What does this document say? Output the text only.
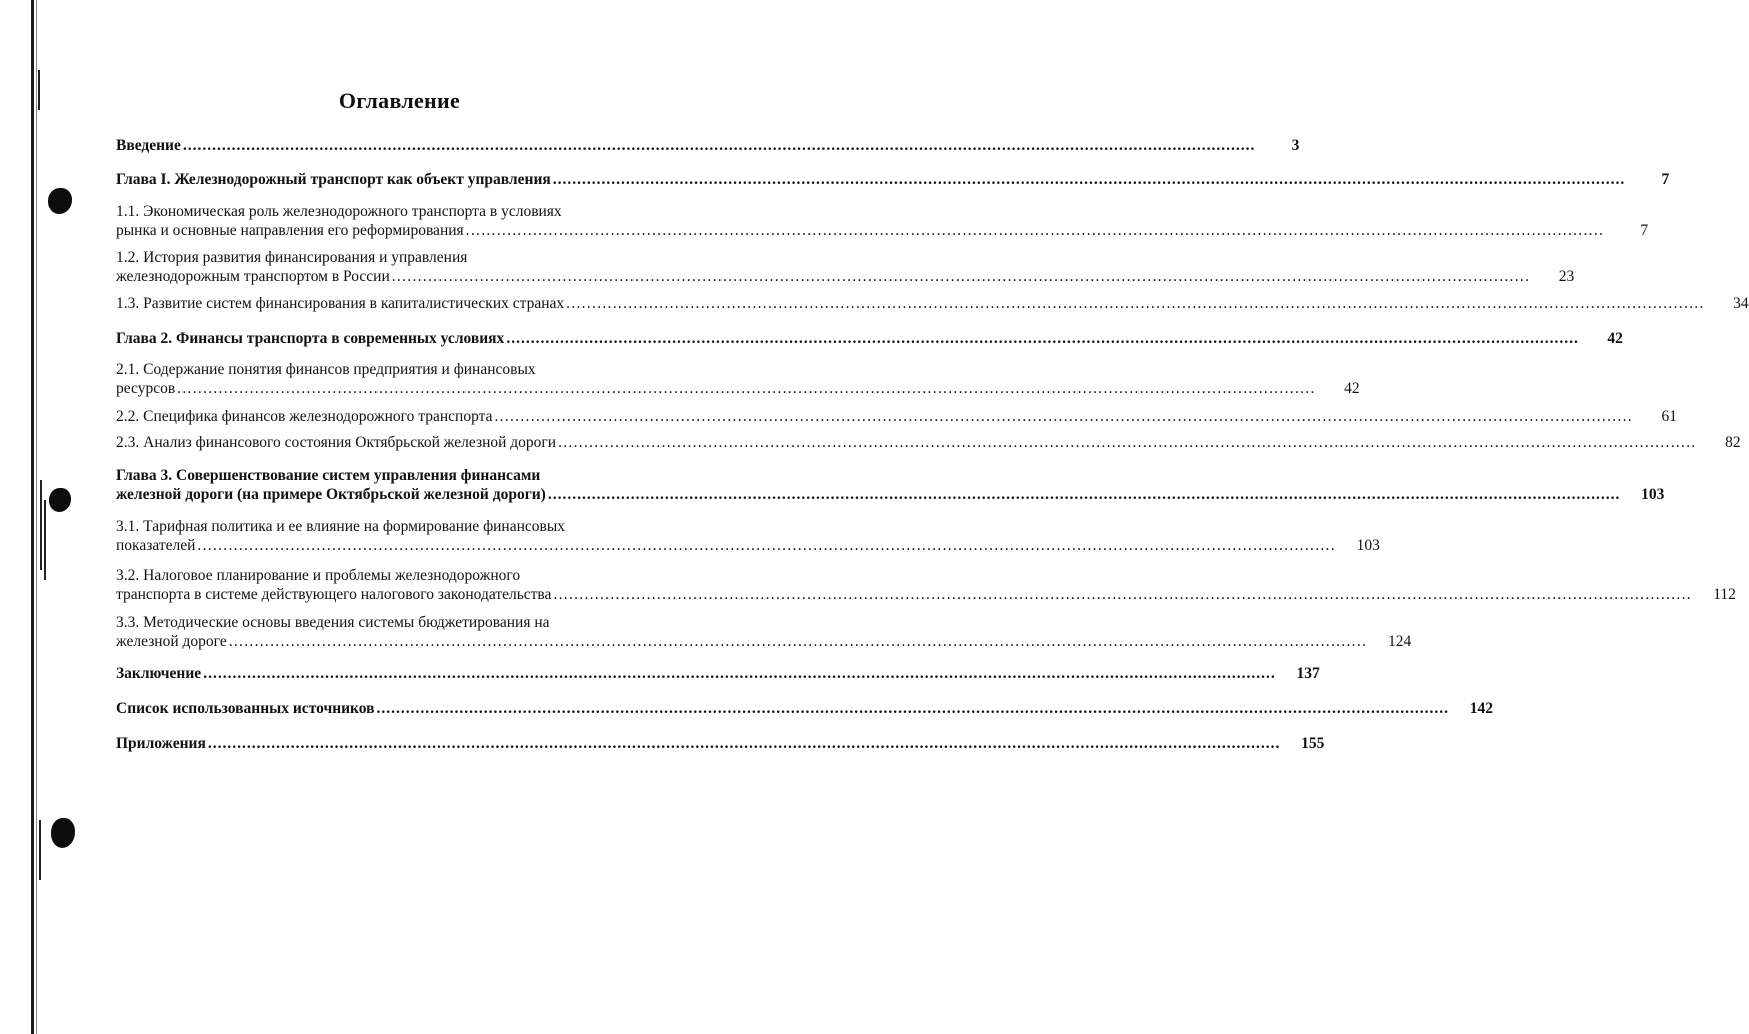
Оглавление
Введение ............................................................................................................................................................................................................................	3
Глава I. Железнодорожный транспорт как объект управления ............................................................................................................................................................................................................................	7
1.1. Экономическая роль железнодорожного транспорта в условиях
рынка и основные направления его реформирования ............................................................................................................................................................................................................................	7
1.2. История развития финансирования и управления
железнодорожным транспортом в России ............................................................................................................................................................................................................................	23
1.3. Развитие систем финансирования в капиталистических странах ............................................................................................................................................................................................................................	34
Глава 2. Финансы транспорта в современных условиях ............................................................................................................................................................................................................................	42
2.1. Содержание понятия финансов предприятия и финансовых
ресурсов ............................................................................................................................................................................................................................	42
2.2. Специфика финансов железнодорожного транспорта ............................................................................................................................................................................................................................	61
2.3. Анализ финансового состояния Октябрьской железной дороги ............................................................................................................................................................................................................................	82
Глава 3. Совершенствование систем управления финансами
железной дороги (на примере Октябрьской железной дороги) ............................................................................................................................................................................................................................	103
3.1. Тарифная политика и ее влияние на формирование финансовых
показателей ............................................................................................................................................................................................................................	103
3.2. Налоговое планирование и проблемы железнодорожного
транспорта в системе действующего налогового законодательства ............................................................................................................................................................................................................................	112
3.3. Методические основы введения системы бюджетирования на
железной дороге ............................................................................................................................................................................................................................	124
Заключение ............................................................................................................................................................................................................................	137
Список использованных источников ............................................................................................................................................................................................................................	142
Приложения ............................................................................................................................................................................................................................	155
